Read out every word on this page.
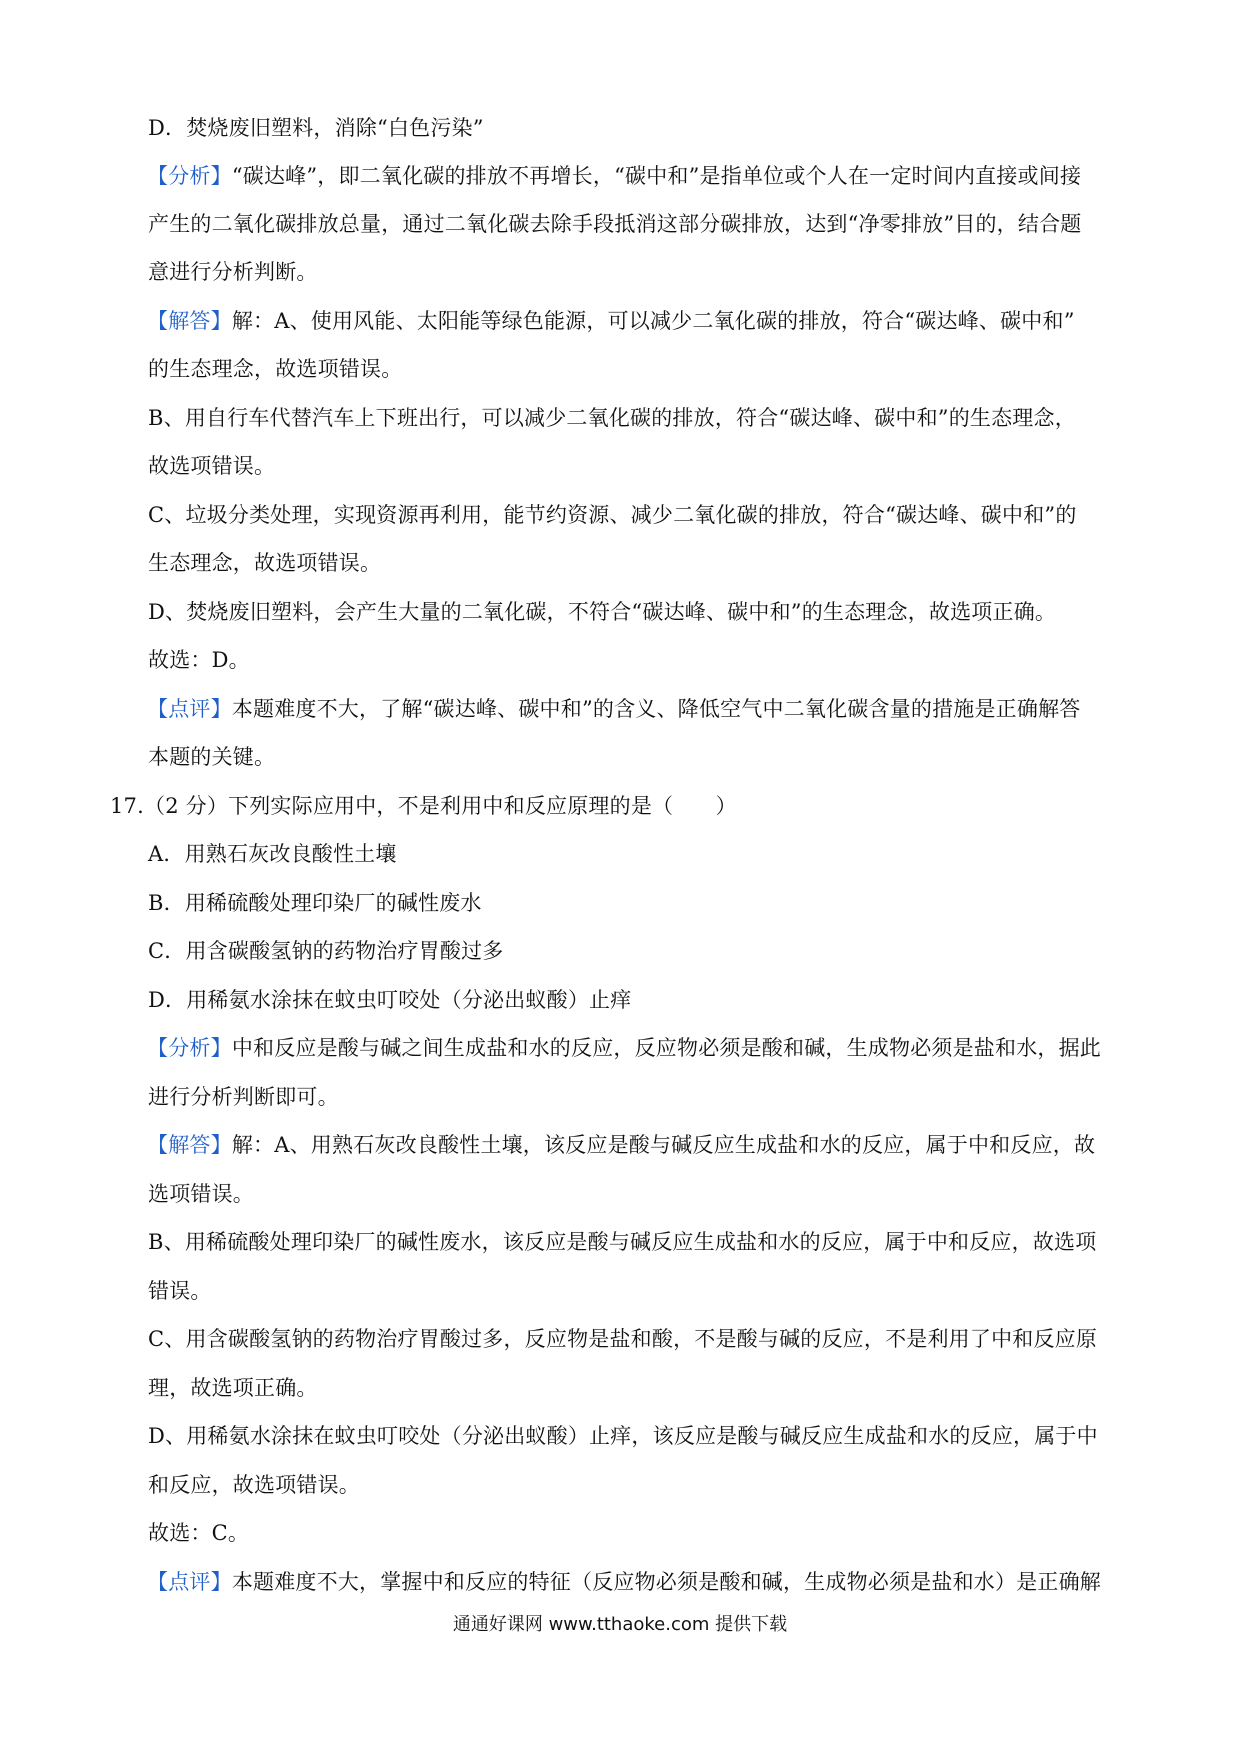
D．焚烧废旧塑料，消除“白色污染”
【分析】“碳达峰”，即二氧化碳的排放不再增长，“碳中和”是指单位或个人在一定时间内直接或间接
产生的二氧化碳排放总量，通过二氧化碳去除手段抵消这部分碳排放，达到“净零排放”目的，结合题
意进行分析判断。
【解答】解：A、使用风能、太阳能等绿色能源，可以减少二氧化碳的排放，符合“碳达峰、碳中和”
的生态理念，故选项错误。
B、用自行车代替汽车上下班出行，可以减少二氧化碳的排放，符合“碳达峰、碳中和”的生态理念，
故选项错误。
C、垃圾分类处理，实现资源再利用，能节约资源、减少二氧化碳的排放，符合“碳达峰、碳中和”的
生态理念，故选项错误。
D、焚烧废旧塑料，会产生大量的二氧化碳，不符合“碳达峰、碳中和”的生态理念，故选项正确。
故选：D。
【点评】本题难度不大，了解“碳达峰、碳中和”的含义、降低空气中二氧化碳含量的措施是正确解答
本题的关键。
17.（2 分）下列实际应用中，不是利用中和反应原理的是（　　）
A．用熟石灰改良酸性土壤
B．用稀硫酸处理印染厂的碱性废水
C．用含碳酸氢钠的药物治疗胃酸过多
D．用稀氨水涂抹在蚊虫叮咬处（分泌出蚁酸）止痒
【分析】中和反应是酸与碱之间生成盐和水的反应，反应物必须是酸和碱，生成物必须是盐和水，据此
进行分析判断即可。
【解答】解：A、用熟石灰改良酸性土壤，该反应是酸与碱反应生成盐和水的反应，属于中和反应，故
选项错误。
B、用稀硫酸处理印染厂的碱性废水，该反应是酸与碱反应生成盐和水的反应，属于中和反应，故选项
错误。
C、用含碳酸氢钠的药物治疗胃酸过多，反应物是盐和酸，不是酸与碱的反应，不是利用了中和反应原
理，故选项正确。
D、用稀氨水涂抹在蚊虫叮咬处（分泌出蚁酸）止痒，该反应是酸与碱反应生成盐和水的反应，属于中
和反应，故选项错误。
故选：C。
【点评】本题难度不大，掌握中和反应的特征（反应物必须是酸和碱，生成物必须是盐和水）是正确解
通通好课网 www.tthaoke.com 提供下载
